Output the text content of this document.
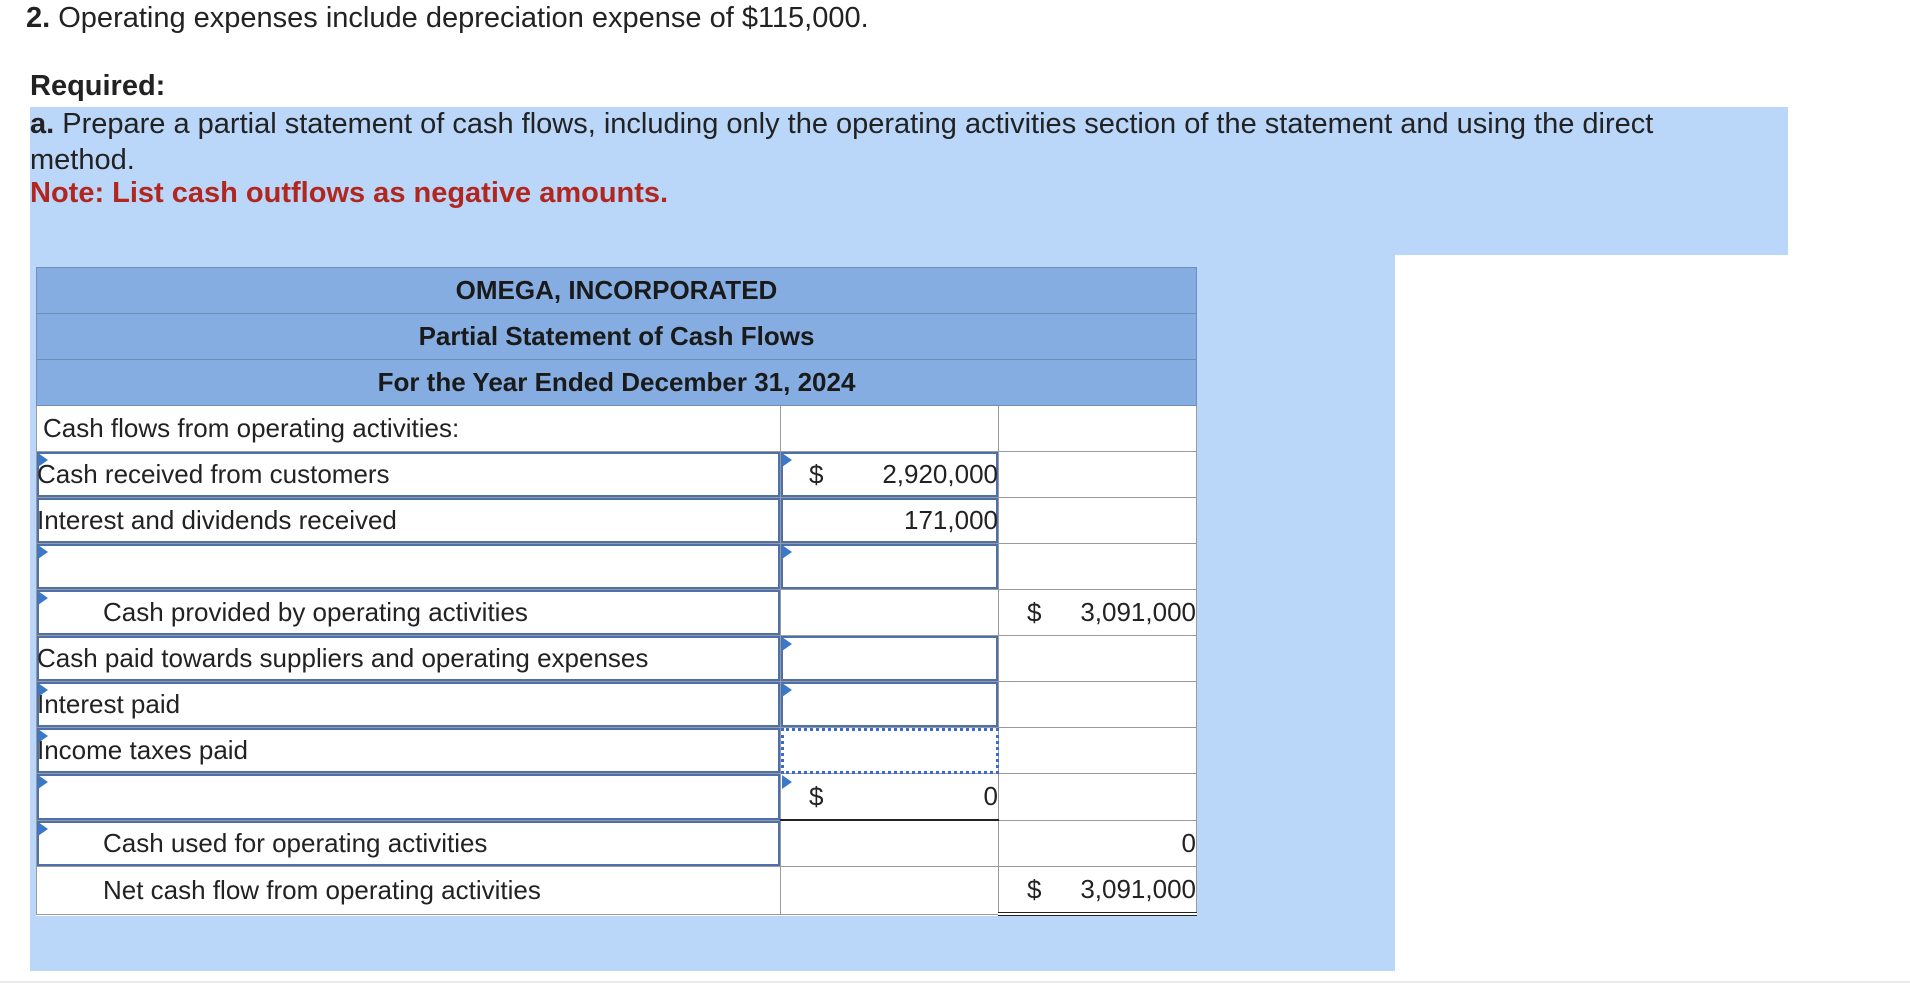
2. Operating expenses include depreciation expense of $115,000.
Required:
a. Prepare a partial statement of cash flows, including only the operating activities section of the statement and using the direct method.
Note: List cash outflows as negative amounts.
OMEGA, INCORPORATED		
Partial Statement of Cash Flows		
For the Year Ended December 31, 2024		
Cash flows from operating activities:		
Cash received from customers	$ 2,920,000	
Interest and dividends received	171,000	

Cash provided by operating activities		$ 3,091,000
Cash paid towards suppliers and operating expenses		
Interest paid		
Income taxes paid		

	$ 0	
Cash used for operating activities		0
Net cash flow from operating activities		$ 3,091,000
